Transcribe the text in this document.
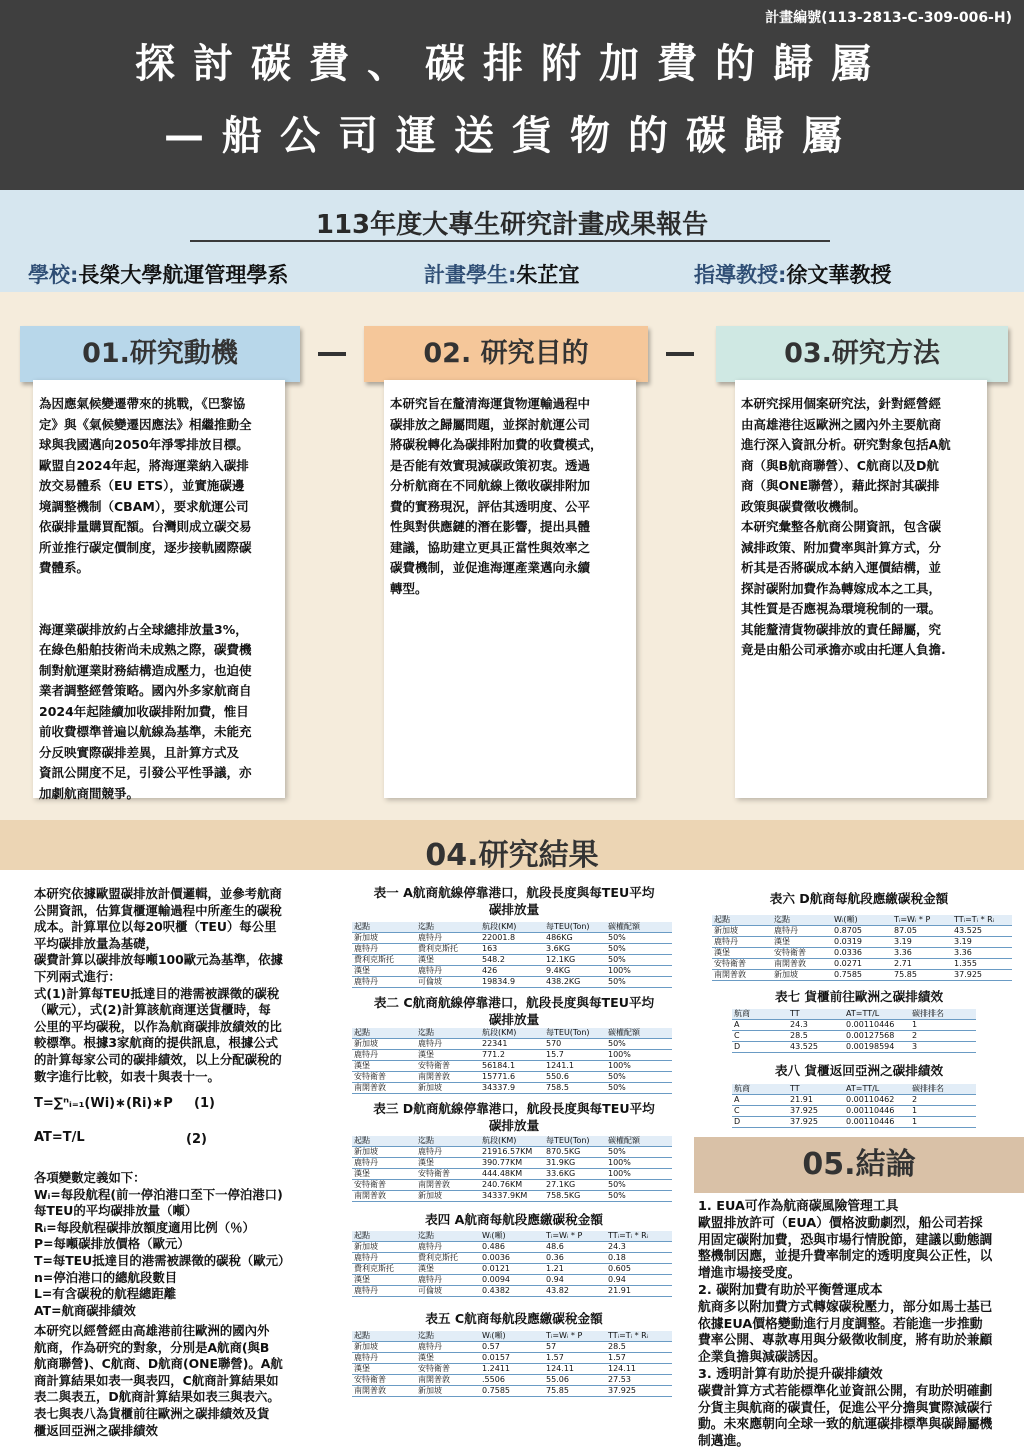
計畫編號(113-2813-C-309-006-H)
探討碳費、碳排附加費的歸屬
—船公司運送貨物的碳歸屬
113年度大專生研究計畫成果報告
學校:長榮大學航運管理學系	計畫學生:朱芷宜	指導教授:徐文華教授
01.研究動機	02. 研究目的	03.研究方法

為因應氣候變遷帶來的挑戰，《巴黎協

定》與《氣候變遷因應法》相繼推動全

球與我國邁向2050年淨零排放目標。

歐盟自2024年起，將海運業納入碳排

放交易體系（EU ETS），並實施碳邊

境調整機制（CBAM），要求航運公司

依碳排量購買配額。台灣則成立碳交易

所並推行碳定價制度，逐步接軌國際碳

費體系。

海運業碳排放約占全球總排放量3%，

在綠色船舶技術尚未成熟之際，碳費機

制對航運業財務結構造成壓力，也迫使

業者調整經營策略。國內外多家航商自

2024年起陸續加收碳排附加費，惟目

前收費標準普遍以航線為基準，未能充

分反映實際碳排差異，且計算方式及

資訊公開度不足，引發公平性爭議，亦

加劇航商間競爭。

本研究旨在釐清海運貨物運輸過程中

碳排放之歸屬問題，並探討航運公司

將碳稅轉化為碳排附加費的收費模式，

是否能有效實現減碳政策初衷。透過

分析航商在不同航線上徵收碳排附加

費的實務現況，評估其透明度、公平

性與對供應鏈的潛在影響，提出具體

建議，協助建立更具正當性與效率之

碳費機制，並促進海運產業邁向永續

轉型。

本研究採用個案研究法，針對經營經

由高雄港往返歐洲之國內外主要航商

進行深入資訊分析。研究對象包括A航

商（與B航商聯營）、C航商以及D航

商（與ONE聯營），藉此探討其碳排

政策與碳費徵收機制。

本研究彙整各航商公開資訊，包含碳

減排政策、附加費率與計算方式，分

析其是否將碳成本納入運價結構，並

探討碳附加費作為轉嫁成本之工具，

其性質是否應視為環境稅制的一環。

其能釐清貨物碳排放的責任歸屬，究

竟是由船公司承擔亦或由托運人負擔.

04.研究結果

本研究依據歐盟碳排放計價邏輯，並參考航商

公開資訊，估算貨櫃運輸過程中所產生的碳稅

成本。計算單位以每20呎櫃（TEU）每公里

平均碳排放量為基礎，

碳費計算以碳排放每噸100歐元為基準，依據

下列兩式進行：

式(1)計算每TEU抵達目的港需被課徵的碳稅

（歐元），式(2)計算該航商運送貨櫃時，每

公里的平均碳稅，以作為航商碳排放績效的比

較標準。根據3家航商的提供訊息，根據公式

的計算每家公司的碳排績效，以上分配碳稅的

數字進行比較，如表十與表十一。

T=∑ⁿᵢ₌₁(Wi)∗(Ri)∗P (1)
AT=T/L	(2)

各項變數定義如下：

Wᵢ=每段航程(前一停泊港口至下一停泊港口)

每TEU的平均碳排放量（噸）

Rᵢ=每段航程碳排放額度適用比例（％）

P=每噸碳排放價格（歐元）

T=每TEU抵達目的港需被課徵的碳稅（歐元）

n=停泊港口的總航段數目

L=有含碳稅的航程總距離

AT=航商碳排績效

本研究以經營經由高雄港前往歐洲的國內外

航商，作為研究的對象，分別是A航商(與B

航商聯營)、C航商、D航商(ONE聯營)。A航

商計算結果如表一與表四，C航商計算結果如

表二與表五，D航商計算結果如表三與表六。

表七與表八為貨櫃前往歐洲之碳排績效及貨

櫃返回亞洲之碳排績效

表一 A航商航線停靠港口，航段長度與每TEU平均
碳排放量
起點	迄點	航段(KM)	每TEU(Ton)	碳權配額
新加坡	鹿特丹	22001.8	486KG	50%
鹿特丹	費利克斯托	163	3.6KG	50%
費利克斯托	漢堡	548.2	12.1KG	50%
漢堡	鹿特丹	426	9.4KG	100%
鹿特丹	可倫坡	19834.9	438.2KG	50%
表二 C航商航線停靠港口，航段長度與每TEU平均
碳排放量
起點	迄點	航段(KM)	每TEU(Ton)	碳權配額
新加坡	鹿特丹	22341	570	50%
鹿特丹	漢堡	771.2	15.7	100%
漢堡	安特衛普	56184.1	1241.1	100%
安特衛普	南開普敦	15771.6	550.6	50%
南開普敦	新加坡	34337.9	758.5	50%
表三 D航商航線停靠港口，航段長度與每TEU平均
碳排放量
起點	迄點	航段(KM)	每TEU(Ton)	碳權配額
新加坡	鹿特丹	21916.57KM	870.5KG	50%
鹿特丹	漢堡	390.77KM	31.9KG	100%
漢堡	安特衛普	444.48KM	33.6KG	100%
安特衛普	南開普敦	240.76KM	27.1KG	50%
南開普敦	新加坡	34337.9KM	758.5KG	50%
表四 A航商每航段應繳碳稅金額
起點	迄點	Wᵢ(噸)	Tᵢ=Wᵢ * P	TTᵢ=Tᵢ * Rᵢ
新加坡	鹿特丹	0.486	48.6	24.3
鹿特丹	費利克斯托	0.0036	0.36	0.18
費利克斯托	漢堡	0.0121	1.21	0.605
漢堡	鹿特丹	0.0094	0.94	0.94
鹿特丹	可倫坡	0.4382	43.82	21.91
表五 C航商每航段應繳碳稅金額
起點	迄點	Wᵢ(噸)	Tᵢ=Wᵢ * P	TTᵢ=Tᵢ * Rᵢ
新加坡	鹿特丹	0.57	57	28.5
鹿特丹	漢堡	0.0157	1.57	1.57
漢堡	安特衛普	1.2411	124.11	124.11
安特衛普	南開普敦	.5506	55.06	27.53
南開普敦	新加坡	0.7585	75.85	37.925
表六 D航商每航段應繳碳稅金額
起點	迄點	Wᵢ(噸)	Tᵢ=Wᵢ * P	TTᵢ=Tᵢ * Rᵢ
新加坡	鹿特丹	0.8705	87.05	43.525
鹿特丹	漢堡	0.0319	3.19	3.19
漢堡	安特衛普	0.0336	3.36	3.36
安特衛普	南開普敦	0.0271	2.71	1.355
南開普敦	新加坡	0.7585	75.85	37.925
表七 貨櫃前往歐洲之碳排績效
航商	TT	AT=TT/L	碳排排名
A	24.3	0.00110446	1
C	28.5	0.00127568	2
D	43.525	0.00198594	3
表八 貨櫃返回亞洲之碳排績效
航商	TT	AT=TT/L	碳排排名
A	21.91	0.00110462	2
C	37.925	0.00110446	1
D	37.925	0.00110446	1
05.結論

1. EUA可作為航商碳風險管理工具

歐盟排放許可（EUA）價格波動劇烈，船公司若採

用固定碳附加費，恐與市場行情脫節，建議以動態調

整機制因應，並提升費率制定的透明度與公正性，以

增進市場接受度。

2. 碳附加費有助於平衡營運成本

航商多以附加費方式轉嫁碳稅壓力，部分如馬士基已

依據EUA價格變動進行月度調整。若能進一步推動

費率公開、專款專用與分級徵收制度，將有助於兼顧

企業負擔與減碳誘因。

3. 透明計算有助於提升碳排績效

碳費計算方式若能標準化並資訊公開，有助於明確劃

分貨主與航商的碳責任，促進公平分擔與實際減碳行

動。未來應朝向全球一致的航運碳排標準與碳歸屬機

制邁進。
